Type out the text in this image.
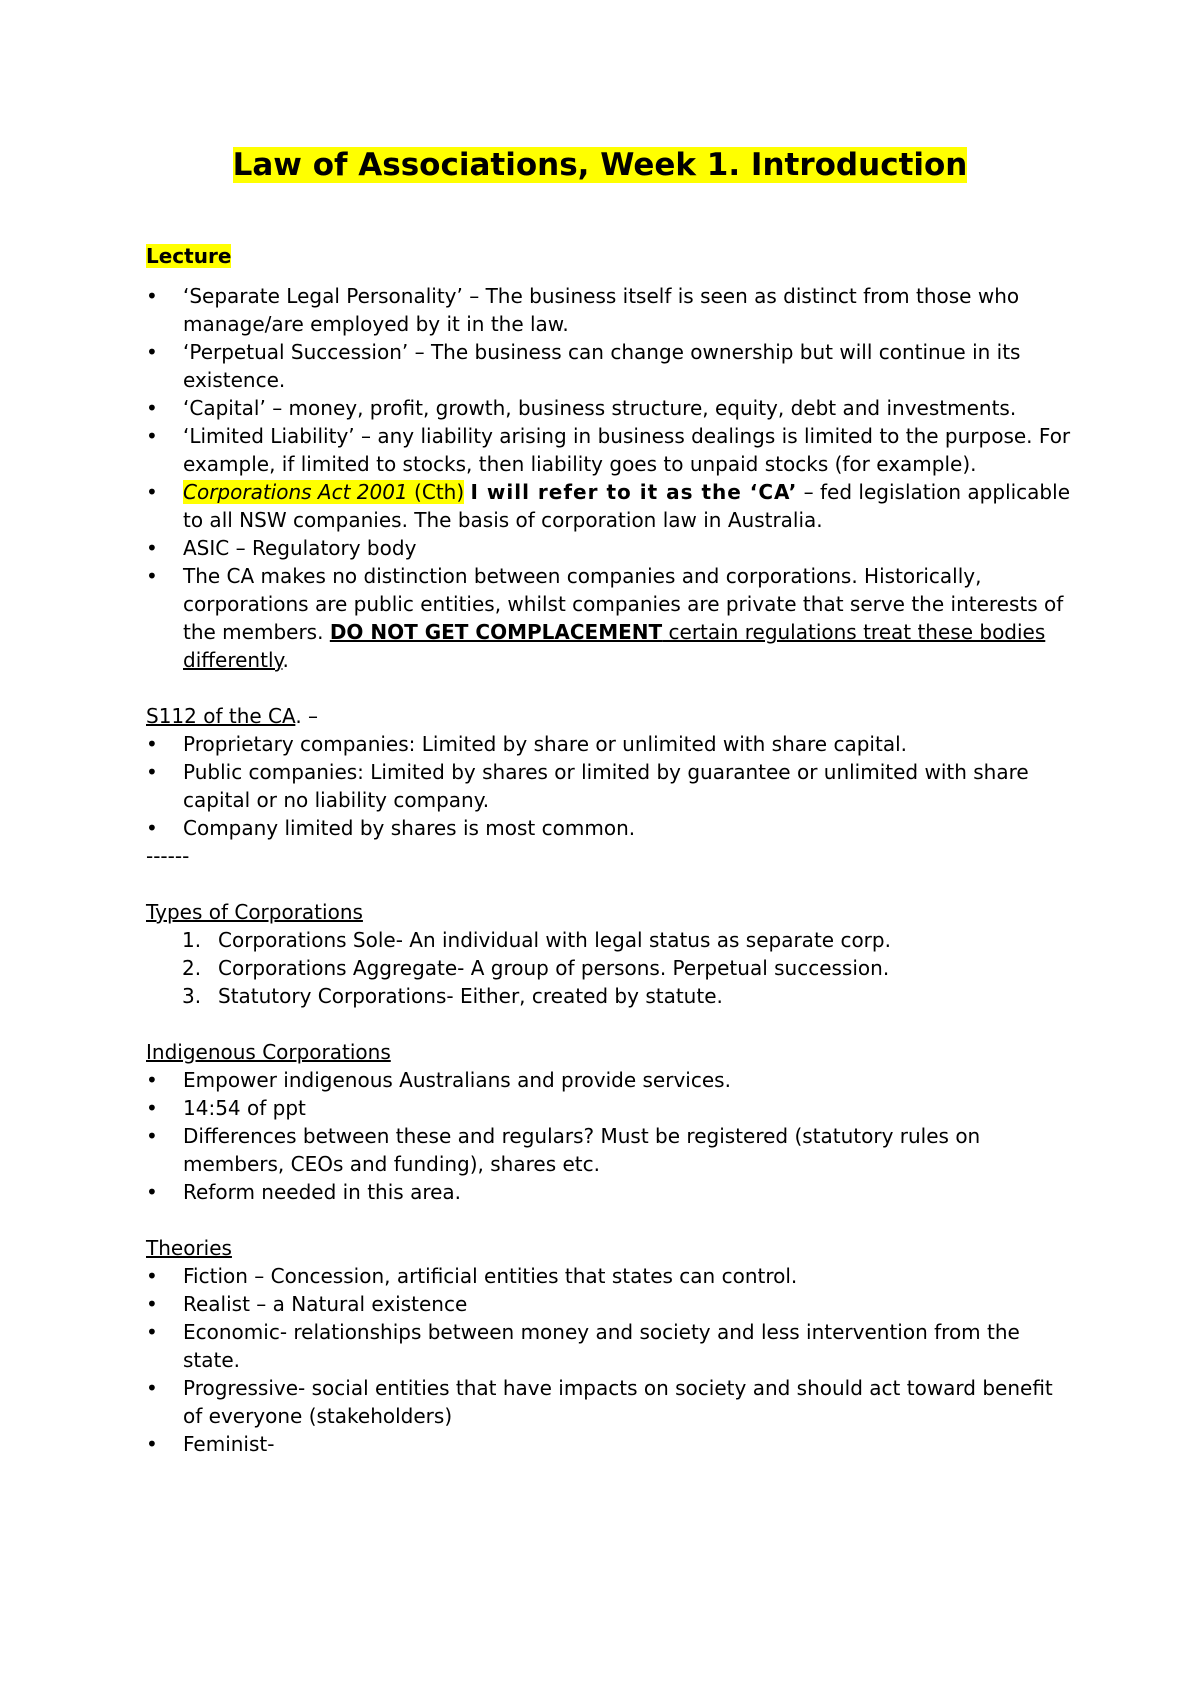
Law of Associations, Week 1. Introduction
Lecture
• ‘Separate Legal Personality’ – The business itself is seen as distinct from those who manage/are employed by it in the law.
• ‘Perpetual Succession’ – The business can change ownership but will continue in its existence.
• ‘Capital’ – money, profit, growth, business structure, equity, debt and investments.
• ‘Limited Liability’ – any liability arising in business dealings is limited to the purpose. For example, if limited to stocks, then liability goes to unpaid stocks (for example).
• Corporations Act 2001 (Cth) I will refer to it as the ‘CA’ – fed legislation applicable to all NSW companies. The basis of corporation law in Australia.
• ASIC – Regulatory body
• The CA makes no distinction between companies and corporations. Historically, corporations are public entities, whilst companies are private that serve the interests of the members. DO NOT GET COMPLACEMENT certain regulations treat these bodies differently.
S112 of the CA. –
• Proprietary companies: Limited by share or unlimited with share capital.
• Public companies: Limited by shares or limited by guarantee or unlimited with share capital or no liability company.
• Company limited by shares is most common.
------
Types of Corporations
1. Corporations Sole- An individual with legal status as separate corp.
2. Corporations Aggregate- A group of persons. Perpetual succession.
3. Statutory Corporations- Either, created by statute.
Indigenous Corporations
• Empower indigenous Australians and provide services.
• 14:54 of ppt
• Differences between these and regulars? Must be registered (statutory rules on members, CEOs and funding), shares etc.
• Reform needed in this area.
Theories
• Fiction – Concession, artificial entities that states can control.
• Realist – a Natural existence
• Economic- relationships between money and society and less intervention from the state.
• Progressive- social entities that have impacts on society and should act toward benefit of everyone (stakeholders)
• Feminist-
